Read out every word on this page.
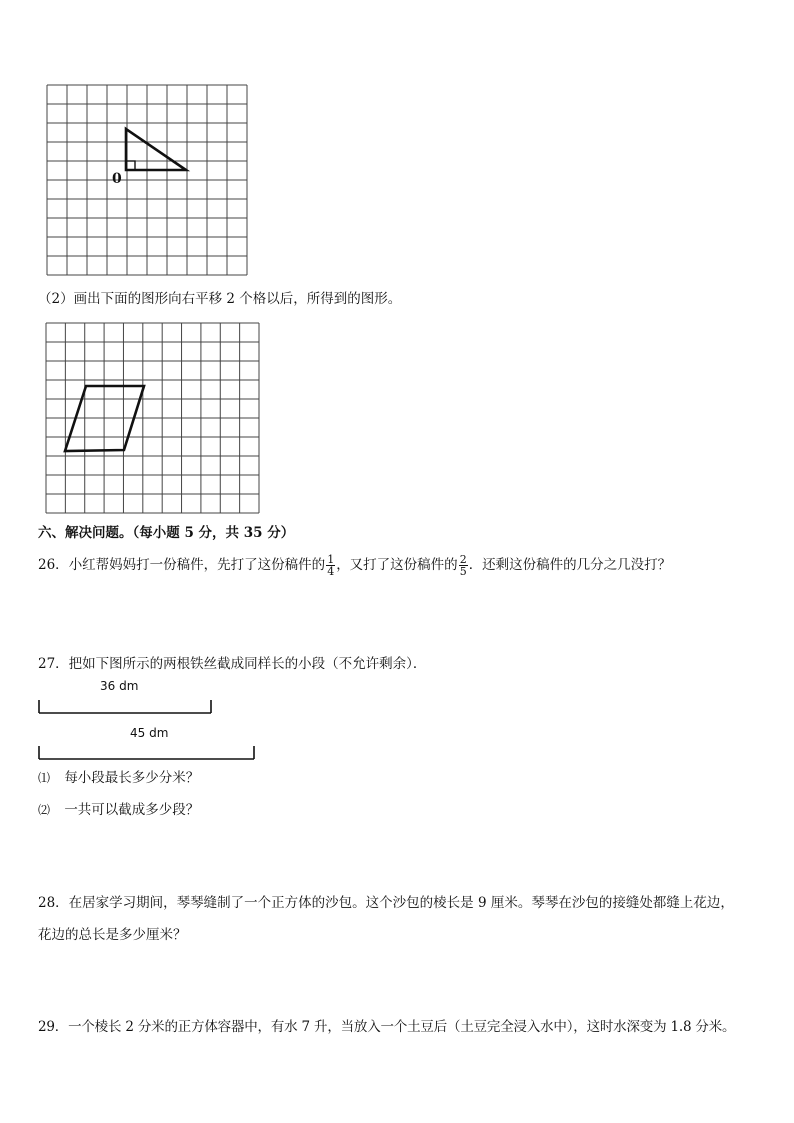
0
（2）画出下面的图形向右平移 2 个格以后，所得到的图形。
六、解决问题。（每小题 5 分，共 35 分）
26．小红帮妈妈打一份稿件，先打了这份稿件的 $\frac{1}{4}$ ，又打了这份稿件的 $\frac{2}{5}$ ．还剩这份稿件的几分之几没打？
27．把如下图所示的两根铁丝截成同样长的小段（不允许剩余）．
36 dm
45 dm
⑴ 每小段最长多少分米？
⑵ 一共可以截成多少段？
28．在居家学习期间，琴琴缝制了一个正方体的沙包。这个沙包的棱长是 9 厘米。琴琴在沙包的接缝处都缝上花边，
花边的总长是多少厘米？
29．一个棱长 2 分米的正方体容器中，有水 7 升，当放入一个土豆后（土豆完全浸入水中），这时水深变为 1.8 分米。
